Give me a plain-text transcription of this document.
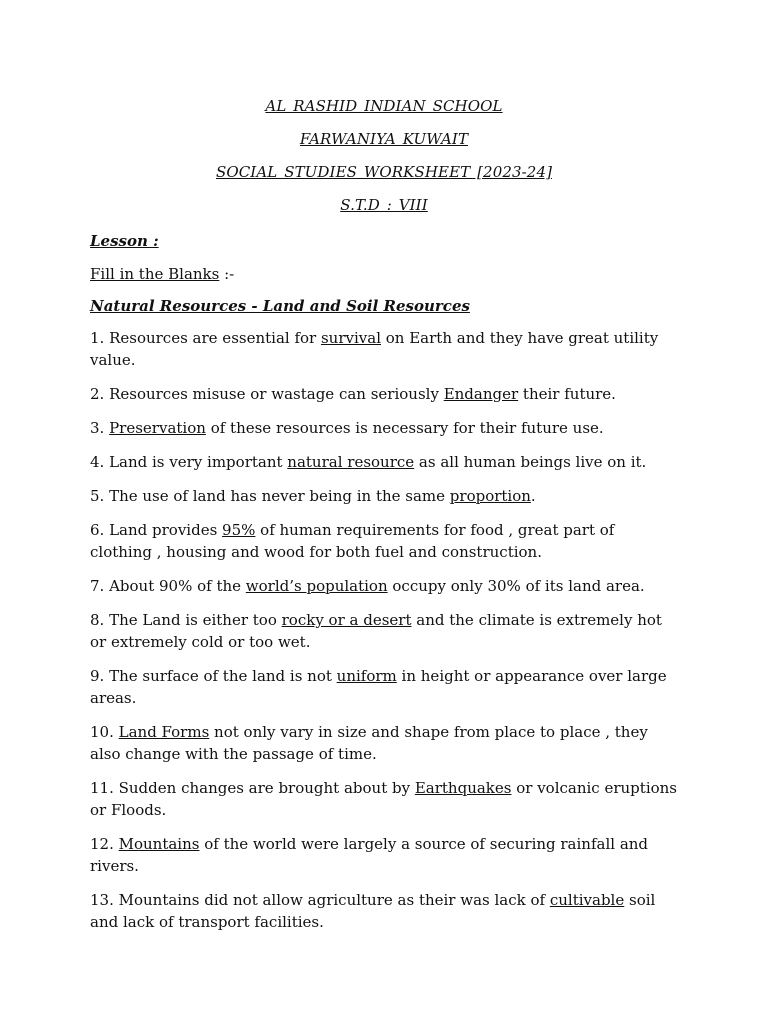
AL RASHID INDIAN SCHOOL

FARWANIYA KUWAIT

SOCIAL STUDIES WORKSHEET [2023-24]

S.T.D : VIII

Lesson :

Fill in the Blanks :-

Natural Resources - Land and Soil Resources

1. Resources are essential for survival on Earth and they have great utility value.
2. Resources misuse or wastage can seriously Endanger their future.
3. Preservation of these resources is necessary for their future use.
4. Land is very important natural resource as all human beings live on it.
5. The use of land has never being in the same proportion.
6. Land provides 95% of human requirements for food , great part of clothing , housing and wood for both fuel and construction.
7. About 90% of the world’s population occupy only 30% of its land area.
8. The Land is either too rocky or a desert and the climate is extremely hot or extremely cold or too wet.
9. The surface of the land is not uniform in height or appearance over large areas.
10. Land Forms not only vary in size and shape from place to place , they also change with the passage of time.
11. Sudden changes are brought about by Earthquakes or volcanic eruptions or Floods.
12. Mountains of the world were largely a source of securing rainfall and rivers.
13. Mountains did not allow agriculture as their was lack of cultivable soil and lack of transport facilities.
